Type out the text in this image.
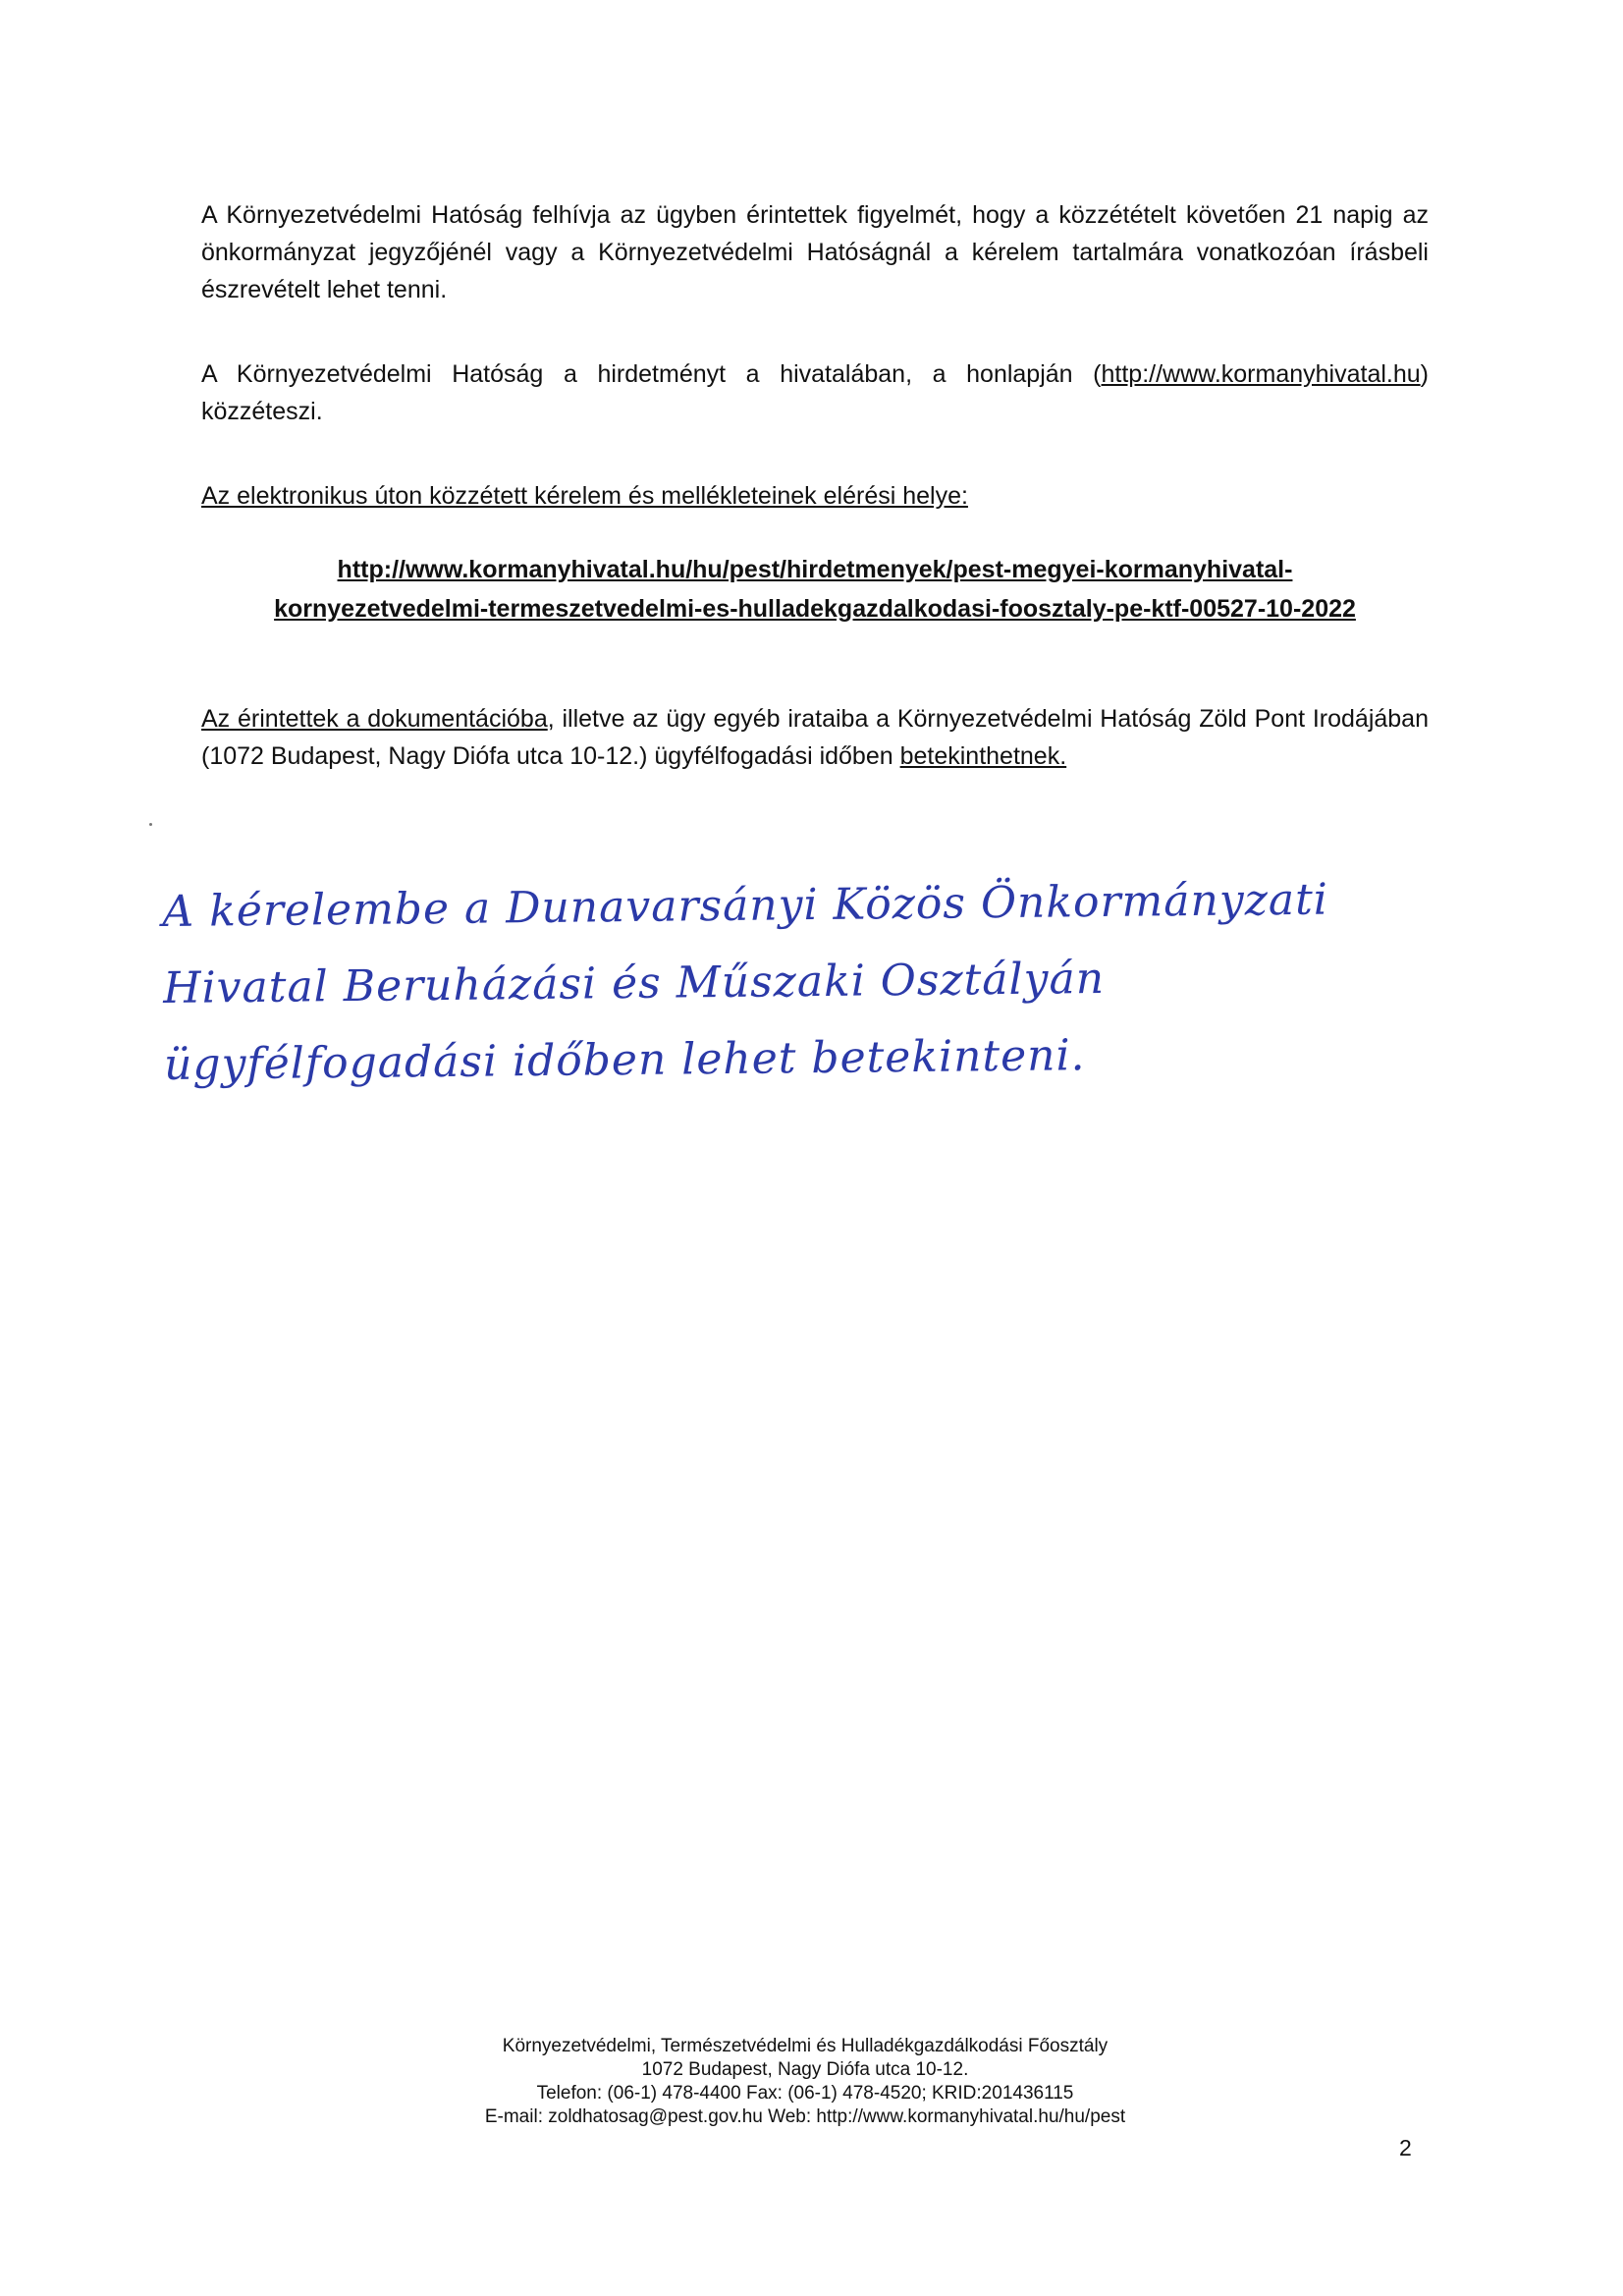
A Környezetvédelmi Hatóság felhívja az ügyben érintettek figyelmét, hogy a közzétételt követően 21 napig az önkormányzat jegyzőjénél vagy a Környezetvédelmi Hatóságnál a kérelem tartalmára vonatkozóan írásbeli észrevételt lehet tenni.

A Környezetvédelmi Hatóság a hirdetményt a hivatalában, a honlapján (http://www.kormanyhivatal.hu) közzéteszi.

Az elektronikus úton közzétett kérelem és mellékleteinek elérési helye:

http://www.kormanyhivatal.hu/hu/pest/hirdetmenyek/pest-megyei-kormanyhivatal-
kornyezetvedelmi-termeszetvedelmi-es-hulladekgazdalkodasi-foosztaly-pe-ktf-00527-10-2022

Az érintettek a dokumentációba, illetve az ügy egyéb irataiba a Környezetvédelmi Hatóság Zöld Pont Irodájában (1072 Budapest, Nagy Diófa utca 10-12.) ügyfélfogadási időben betekinthetnek.

A kérelembe a Dunavarsányi Közös Önkormányzati
Hivatal Beruházási és Műszaki Osztályán
ügyfélfogadási időben lehet betekinteni.

Környezetvédelmi, Természetvédelmi és Hulladékgazdálkodási Főosztály
1072 Budapest, Nagy Diófa utca 10-12.
Telefon: (06-1) 478-4400 Fax: (06-1) 478-4520; KRID:201436115
E-mail: zoldhatosag@pest.gov.hu Web: http://www.kormanyhivatal.hu/hu/pest

2
